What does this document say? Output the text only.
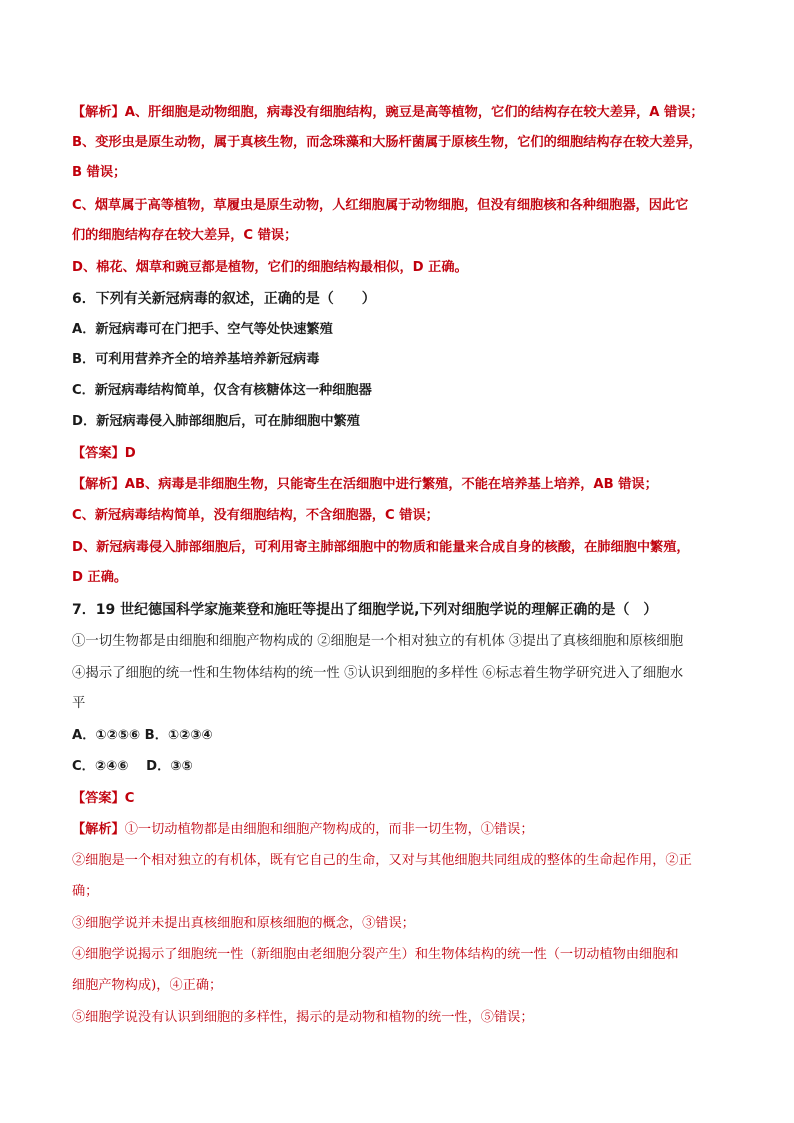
【解析】A、肝细胞是动物细胞，病毒没有细胞结构，豌豆是高等植物，它们的结构存在较大差异，A 错误；
B、变形虫是原生动物，属于真核生物，而念珠藻和大肠杆菌属于原核生物，它们的细胞结构存在较大差异，
B 错误；
C、烟草属于高等植物，草履虫是原生动物，人红细胞属于动物细胞，但没有细胞核和各种细胞器，因此它
们的细胞结构存在较大差异，C 错误；
D、棉花、烟草和豌豆都是植物，它们的细胞结构最相似，D 正确。
6．下列有关新冠病毒的叙述，正确的是（　　）
A．新冠病毒可在门把手、空气等处快速繁殖
B．可利用营养齐全的培养基培养新冠病毒
C．新冠病毒结构简单，仅含有核糖体这一种细胞器
D．新冠病毒侵入肺部细胞后，可在肺细胞中繁殖
【答案】D
【解析】AB、病毒是非细胞生物，只能寄生在活细胞中进行繁殖，不能在培养基上培养，AB 错误；
C、新冠病毒结构简单，没有细胞结构，不含细胞器，C 错误；
D、新冠病毒侵入肺部细胞后，可利用寄主肺部细胞中的物质和能量来合成自身的核酸，在肺细胞中繁殖，
D 正确。
7．19 世纪德国科学家施莱登和施旺等提出了细胞学说,下列对细胞学说的理解正确的是（　）
①一切生物都是由细胞和细胞产物构成的 ②细胞是一个相对独立的有机体 ③提出了真核细胞和原核细胞
④揭示了细胞的统一性和生物体结构的统一性 ⑤认识到细胞的多样性 ⑥标志着生物学研究进入了细胞水
平
A．①②⑤⑥ B．①②③④
C．②④⑥　 D．③⑤
【答案】C
【解析】①一切动植物都是由细胞和细胞产物构成的，而非一切生物，①错误；
②细胞是一个相对独立的有机体，既有它自己的生命，又对与其他细胞共同组成的整体的生命起作用，②正
确；
③细胞学说并未提出真核细胞和原核细胞的概念，③错误；
④细胞学说揭示了细胞统一性（新细胞由老细胞分裂产生）和生物体结构的统一性（一切动植物由细胞和
细胞产物构成)，④正确；
⑤细胞学说没有认识到细胞的多样性，揭示的是动物和植物的统一性，⑤错误；
